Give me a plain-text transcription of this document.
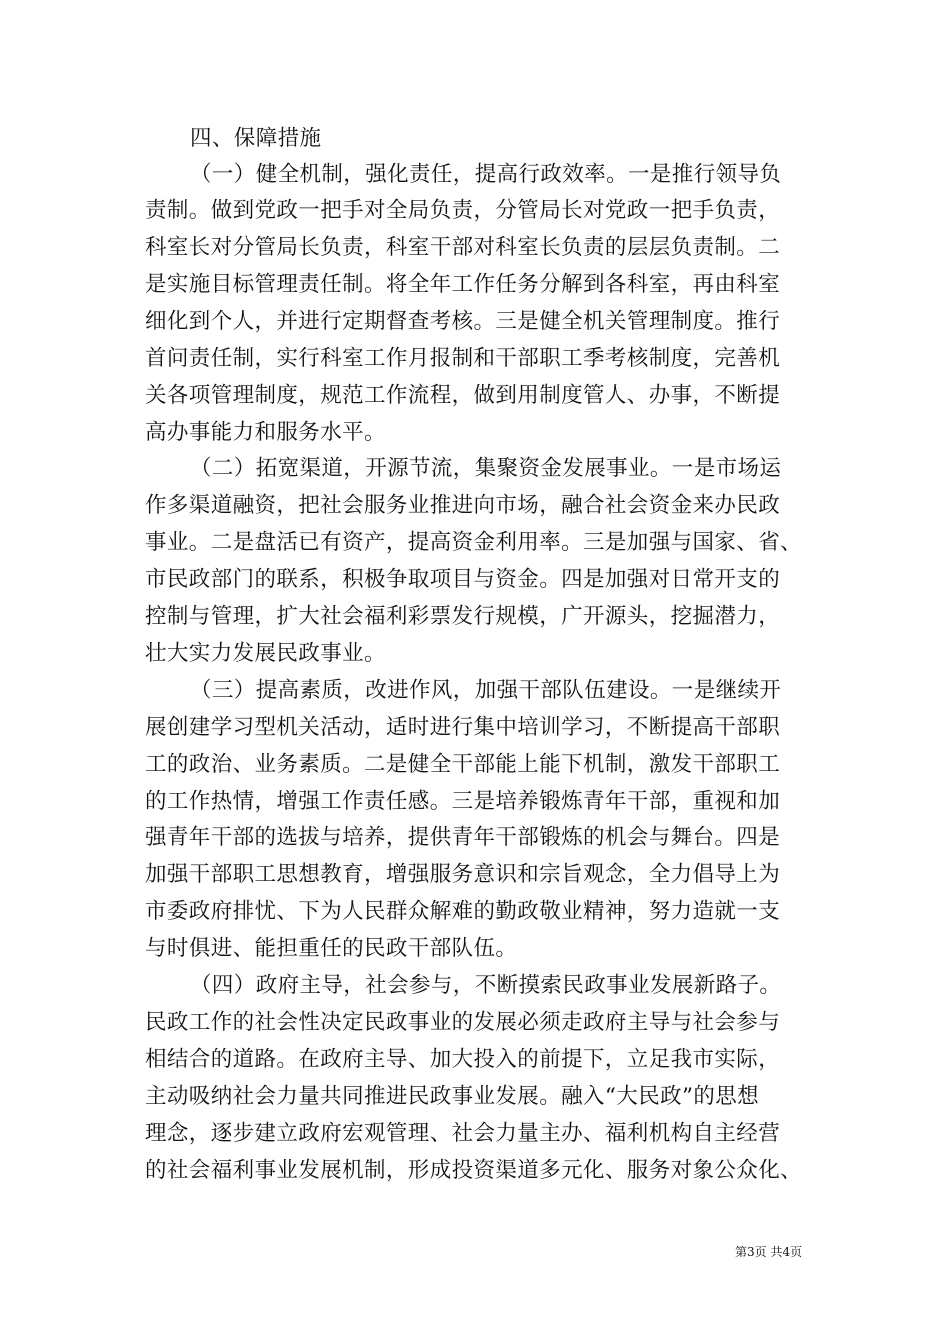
四、保障措施
（一）健全机制，强化责任，提高行政效率。一是推行领导负
责制。做到党政一把手对全局负责，分管局长对党政一把手负责，
科室长对分管局长负责，科室干部对科室长负责的层层负责制。二
是实施目标管理责任制。将全年工作任务分解到各科室，再由科室
细化到个人，并进行定期督查考核。三是健全机关管理制度。推行
首问责任制，实行科室工作月报制和干部职工季考核制度，完善机
关各项管理制度，规范工作流程，做到用制度管人、办事，不断提
高办事能力和服务水平。
（二）拓宽渠道，开源节流，集聚资金发展事业。一是市场运
作多渠道融资，把社会服务业推进向市场，融合社会资金来办民政
事业。二是盘活已有资产，提高资金利用率。三是加强与国家、省、
市民政部门的联系，积极争取项目与资金。四是加强对日常开支的
控制与管理，扩大社会福利彩票发行规模，广开源头，挖掘潜力，
壮大实力发展民政事业。
（三）提高素质，改进作风，加强干部队伍建设。一是继续开
展创建学习型机关活动，适时进行集中培训学习，不断提高干部职
工的政治、业务素质。二是健全干部能上能下机制，激发干部职工
的工作热情，增强工作责任感。三是培养锻炼青年干部，重视和加
强青年干部的选拔与培养，提供青年干部锻炼的机会与舞台。四是
加强干部职工思想教育，增强服务意识和宗旨观念，全力倡导上为
市委政府排忧、下为人民群众解难的勤政敬业精神，努力造就一支
与时俱进、能担重任的民政干部队伍。
（四）政府主导，社会参与，不断摸索民政事业发展新路子。
民政工作的社会性决定民政事业的发展必须走政府主导与社会参与
相结合的道路。在政府主导、加大投入的前提下，立足我市实际，
主动吸纳社会力量共同推进民政事业发展。融入“大民政”的思想
理念，逐步建立政府宏观管理、社会力量主办、福利机构自主经营
的社会福利事业发展机制，形成投资渠道多元化、服务对象公众化、
第3页 共4页
